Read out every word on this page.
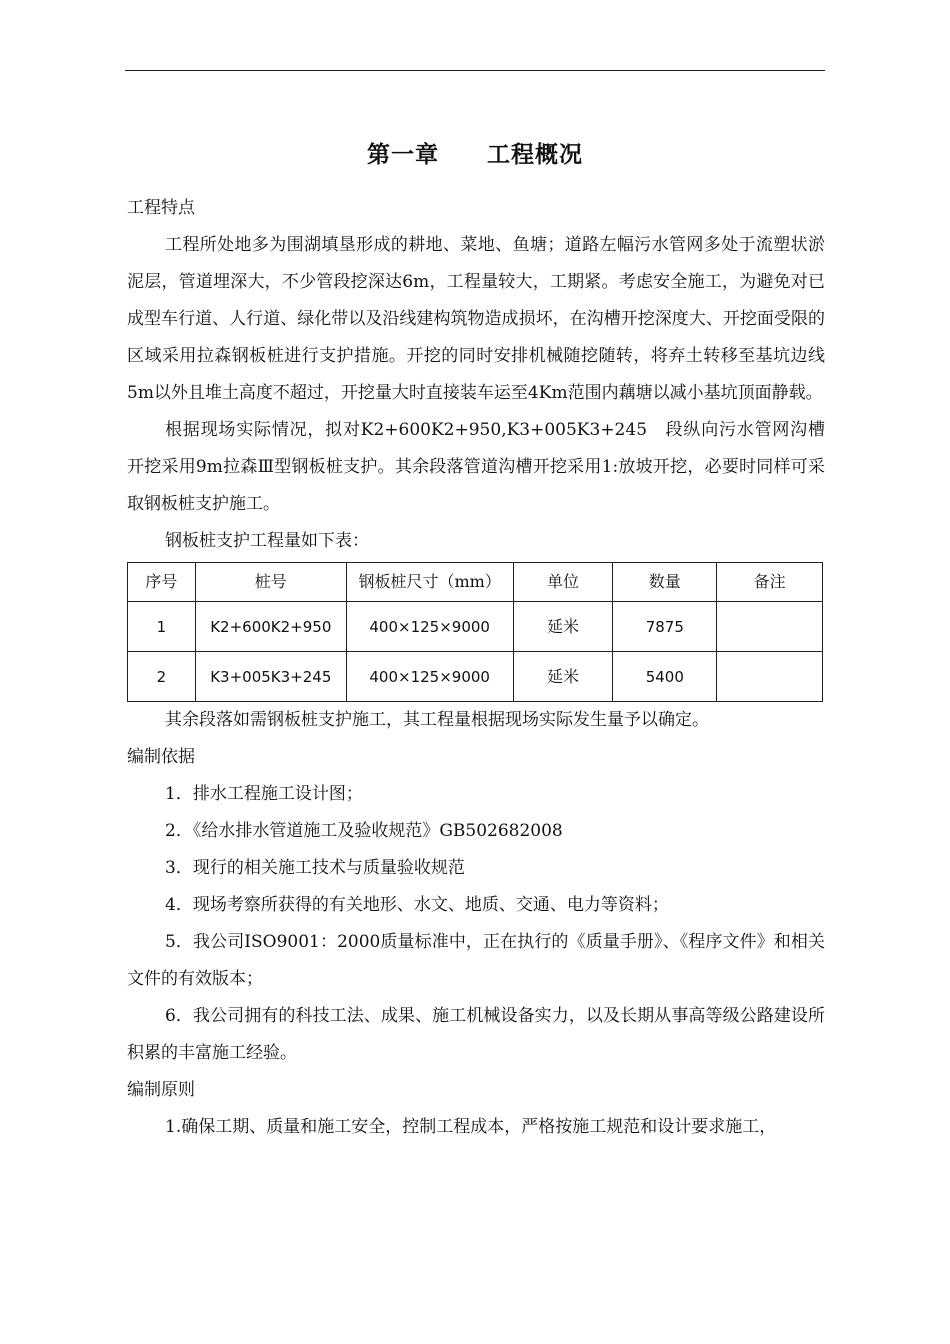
第一章　　工程概况

工程特点

工程所处地多为围湖填垦形成的耕地、菜地、鱼塘；道路左幅污水管网多处于流塑状淤泥层，管道埋深大，不少管段挖深达6m，工程量较大，工期紧。考虑安全施工，为避免对已成型车行道、人行道、绿化带以及沿线建构筑物造成损坏，在沟槽开挖深度大、开挖面受限的区域采用拉森钢板桩进行支护措施。开挖的同时安排机械随挖随转，将弃土转移至基坑边线5m以外且堆土高度不超过，开挖量大时直接装车运至4Km范围内藕塘以减小基坑顶面静载。

根据现场实际情况，拟对K2+600K2+950,K3+005K3+245　段纵向污水管网沟槽开挖采用9m拉森Ⅲ型钢板桩支护。其余段落管道沟槽开挖采用1:放坡开挖，必要时同样可采取钢板桩支护施工。

钢板桩支护工程量如下表：

序号	桩号	钢板桩尺寸（mm）	单位	数量	备注
1	K2+600K2+950	400×125×9000	延米	7875	
2	K3+005K3+245	400×125×9000	延米	5400	

其余段落如需钢板桩支护施工，其工程量根据现场实际发生量予以确定。

编制依据

1．排水工程施工设计图；

2．《给水排水管道施工及验收规范》GB502682008

3．现行的相关施工技术与质量验收规范

4．现场考察所获得的有关地形、水文、地质、交通、电力等资料；

5．我公司ISO9001：2000质量标准中，正在执行的《质量手册》、《程序文件》和相关文件的有效版本；

6．我公司拥有的科技工法、成果、施工机械设备实力，以及长期从事高等级公路建设所积累的丰富施工经验。

编制原则

1.确保工期、质量和施工安全，控制工程成本，严格按施工规范和设计要求施工，
